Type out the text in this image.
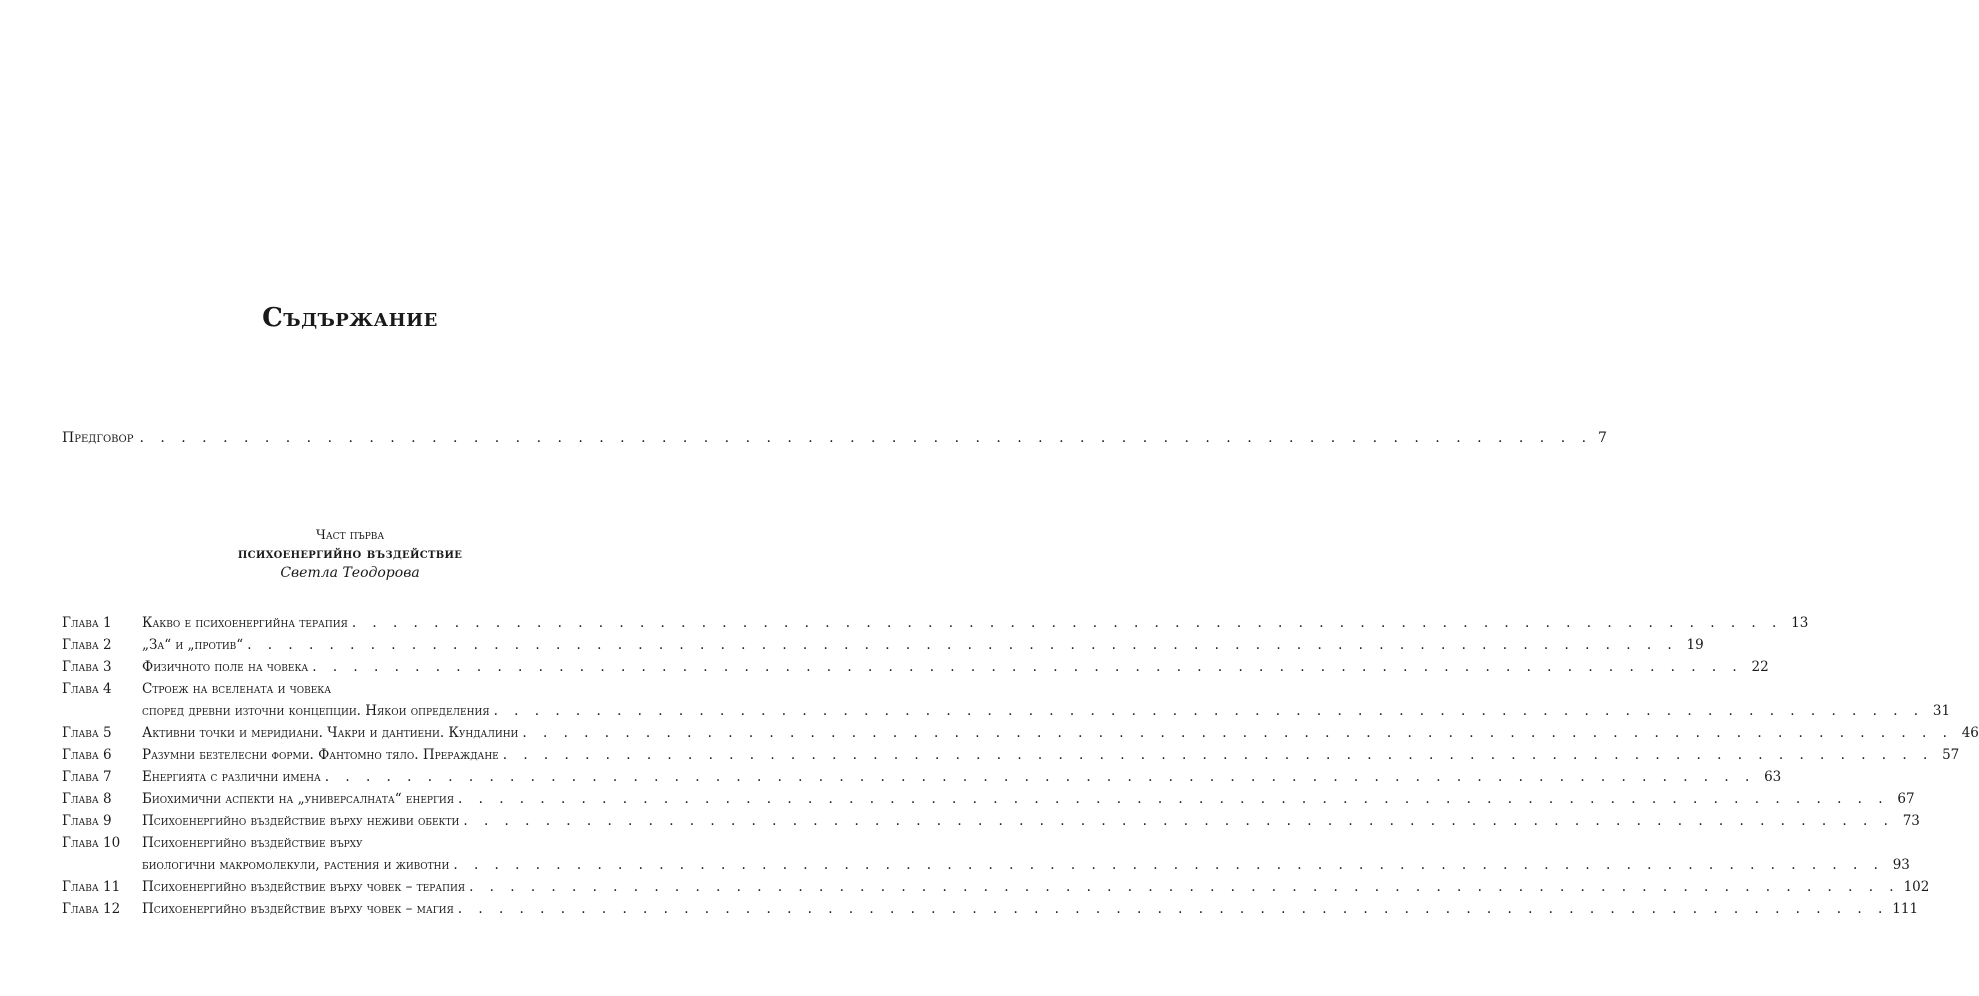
Съдържание
Предговор . . .	7
Част първа
психоенергийно въздействие
Светла Теодорова
Глава 1	Какво е психоенергийна терапия . . .	13
Глава 2	„За“ и „против“ . . .	19
Глава 3	Физичното поле на човека . . .	22
Глава 4	Строеж на вселената и човека
според древни източни концепции. Някои определения . . .	31
Глава 5	Активни точки и меридиани. Чакри и дантиени. Кундалини . . .	46
Глава 6	Разумни безтелесни форми. Фантомно тяло. Прераждане . . .	57
Глава 7	Енергията с различни имена . . .	63
Глава 8	Биохимични аспекти на „универсалната“ енергия . . .	67
Глава 9	Психоенергийно въздействие върху неживи обекти . . .	73
Глава 10	Психоенергийно въздействие върху
биологични макромолекули, растения и животни . . .	93
Глава 11	Психоенергийно въздействие върху човек – терапия . . .	102
Глава 12	Психоенергийно въздействие върху човек – магия . . .	111
